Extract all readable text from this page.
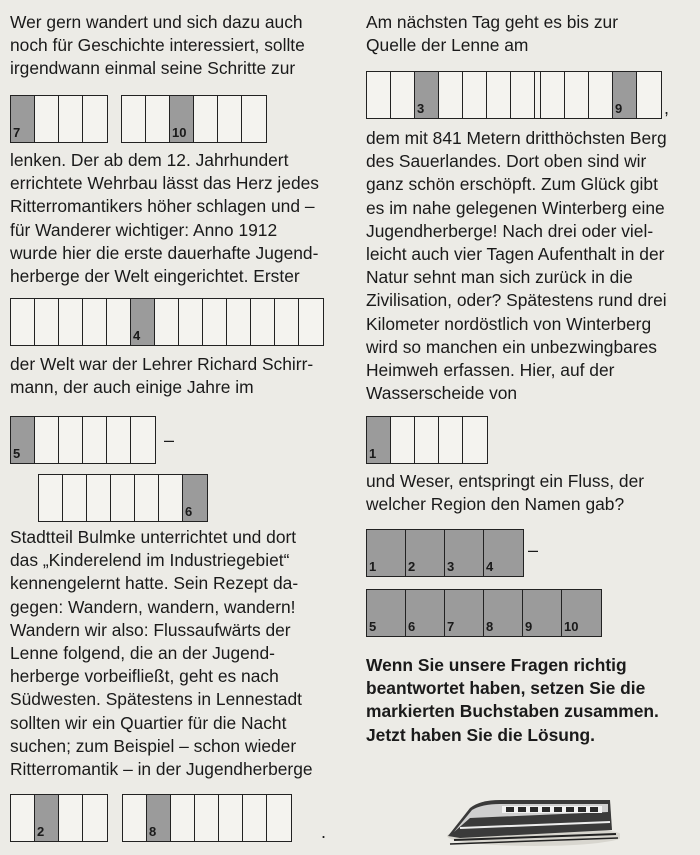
Wer gern wandert und sich dazu auch
noch für Geschichte interessiert, sollte
irgendwann einmal seine Schritte zur

7	10

lenken. Der ab dem 12. Jahrhundert
errichtete Wehrbau lässt das Herz jedes
Ritterromantikers höher schlagen und –
für Wanderer wichtiger: Anno 1912
wurde hier die erste dauerhafte Jugend-
herberge der Welt eingerichtet. Erster

4

der Welt war der Lehrer Richard Schirr-
mann, der auch einige Jahre im

5
–
6

Stadtteil Bulmke unterrichtet und dort
das „Kinderelend im Industriegebiet“
kennengelernt hatte. Sein Rezept da-
gegen: Wandern, wandern, wandern!
Wandern wir also: Flussaufwärts der
Lenne folgend, die an der Jugend-
herberge vorbeifließt, geht es nach
Südwesten. Spätestens in Lennestadt
sollten wir ein Quartier für die Nacht
suchen; zum Beispiel – schon wieder
Ritterromantik – in der Jugendherberge

2	8	.

Am nächsten Tag geht es bis zur
Quelle der Lenne am

3	9 ,

dem mit 841 Metern dritthöchsten Berg
des Sauerlandes. Dort oben sind wir
ganz schön erschöpft. Zum Glück gibt
es im nahe gelegenen Winterberg eine
Jugendherberge! Nach drei oder viel-
leicht auch vier Tagen Aufenthalt in der
Natur sehnt man sich zurück in die
Zivilisation, oder? Spätestens rund drei
Kilometer nordöstlich von Winterberg
wird so manchen ein unbezwingbares
Heimweh erfassen. Hier, auf der
Wasserscheide von

1

und Weser, entspringt ein Fluss, der
welcher Region den Namen gab?

1 2 3 4
–
5 6 7 8 9 10

Wenn Sie unsere Fragen richtig
beantwortet haben, setzen Sie die
markierten Buchstaben zusammen.
Jetzt haben Sie die Lösung.
